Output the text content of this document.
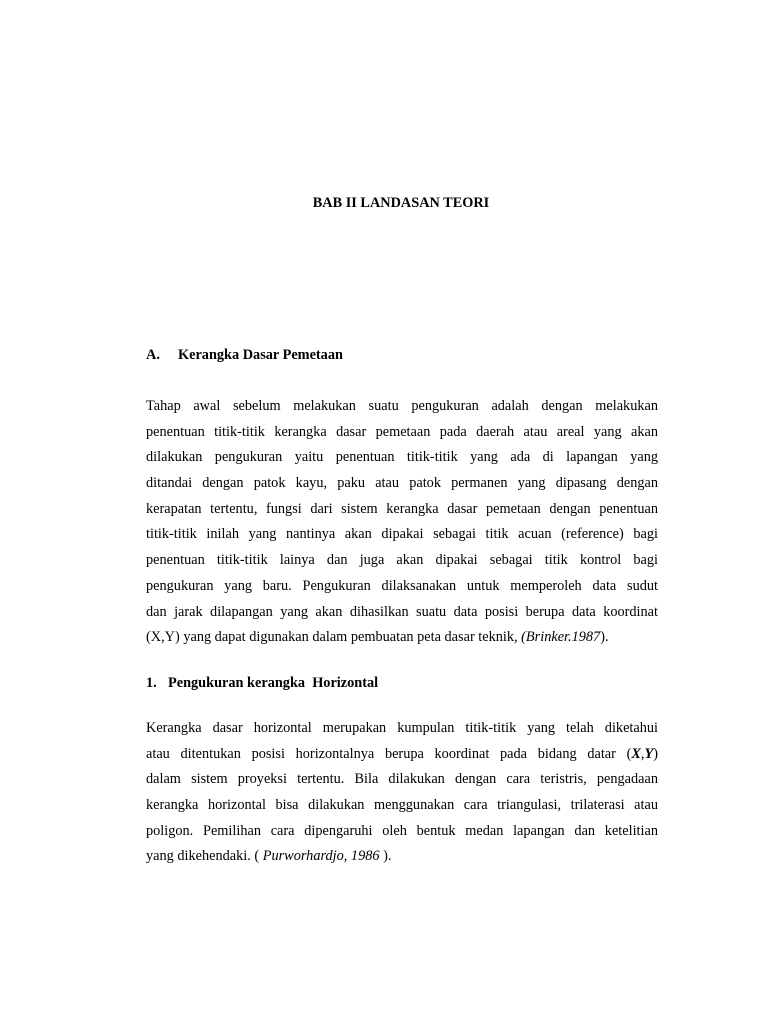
BAB II LANDASAN TEORI
A. Kerangka Dasar Pemetaan
Tahap awal sebelum melakukan suatu pengukuran adalah dengan melakukan
penentuan titik-titik kerangka dasar pemetaan pada daerah atau areal yang akan
dilakukan pengukuran yaitu penentuan titik-titik yang ada di lapangan yang
ditandai dengan patok kayu, paku atau patok permanen yang dipasang dengan
kerapatan tertentu, fungsi dari sistem kerangka dasar pemetaan dengan penentuan
titik-titik inilah yang nantinya akan dipakai sebagai titik acuan (reference) bagi
penentuan titik-titik lainya dan juga akan dipakai sebagai titik kontrol bagi
pengukuran yang baru. Pengukuran dilaksanakan untuk memperoleh data sudut
dan jarak dilapangan yang akan dihasilkan suatu data posisi berupa data koordinat
(X,Y) yang dapat digunakan dalam pembuatan peta dasar teknik, (Brinker.1987).
1. Pengukuran kerangka  Horizontal
Kerangka dasar horizontal merupakan kumpulan titik-titik yang telah diketahui
atau ditentukan posisi horizontalnya berupa koordinat pada bidang datar (X,Y)
dalam sistem proyeksi tertentu. Bila dilakukan dengan cara teristris, pengadaan
kerangka horizontal bisa dilakukan menggunakan cara triangulasi, trilaterasi atau
poligon. Pemilihan cara dipengaruhi oleh bentuk medan lapangan dan ketelitian
yang dikehendaki. ( Purworhardjo, 1986 ).
